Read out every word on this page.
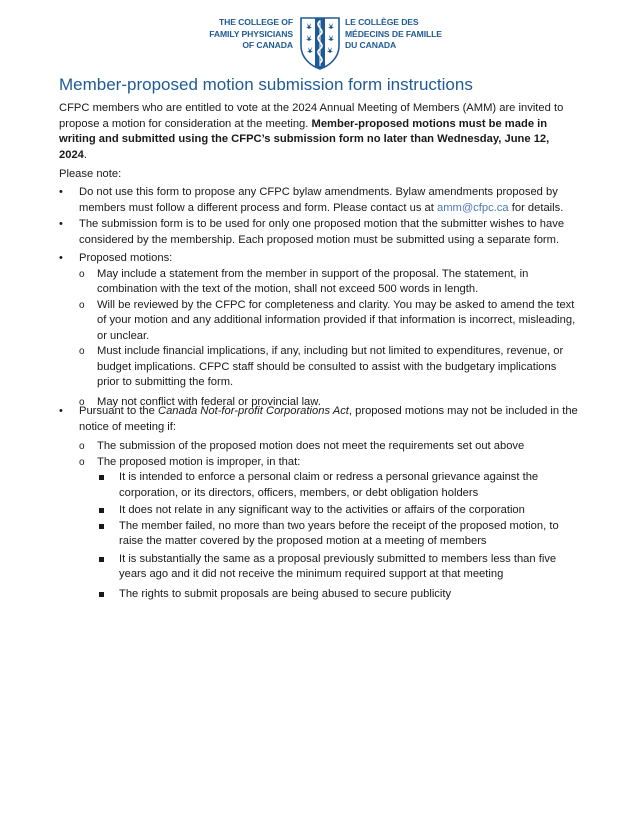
THE COLLEGE OF
FAMILY PHYSICIANS
OF CANADA
LE COLLÈGE DES
MÉDECINS DE FAMILLE
DU CANADA
Member-proposed motion submission form instructions

CFPC members who are entitled to vote at the 2024 Annual Meeting of Members (AMM) are invited to propose a motion for consideration at the meeting. Member-proposed motions must be made in writing and submitted using the CFPC’s submission form no later than Wednesday, June 12, 2024.

Please note:

• Do not use this form to propose any CFPC bylaw amendments. Bylaw amendments proposed by members must follow a different process and form. Please contact us at amm@cfpc.ca for details.
• The submission form is to be used for only one proposed motion that the submitter wishes to have considered by the membership. Each proposed motion must be submitted using a separate form.
• Proposed motions:
o May include a statement from the member in support of the proposal. The statement, in combination with the text of the motion, shall not exceed 500 words in length.
o Will be reviewed by the CFPC for completeness and clarity. You may be asked to amend the text of your motion and any additional information provided if that information is incorrect, misleading, or unclear.
o Must include financial implications, if any, including but not limited to expenditures, revenue, or budget implications. CFPC staff should be consulted to assist with the budgetary implications prior to submitting the form.
o May not conflict with federal or provincial law.
• Pursuant to the Canada Not-for-profit Corporations Act, proposed motions may not be included in the notice of meeting if:
o The submission of the proposed motion does not meet the requirements set out above
o The proposed motion is improper, in that:
It is intended to enforce a personal claim or redress a personal grievance against the corporation, or its directors, officers, members, or debt obligation holders
It does not relate in any significant way to the activities or affairs of the corporation
The member failed, no more than two years before the receipt of the proposed motion, to raise the matter covered by the proposed motion at a meeting of members
It is substantially the same as a proposal previously submitted to members less than five years ago and it did not receive the minimum required support at that meeting
The rights to submit proposals are being abused to secure publicity
